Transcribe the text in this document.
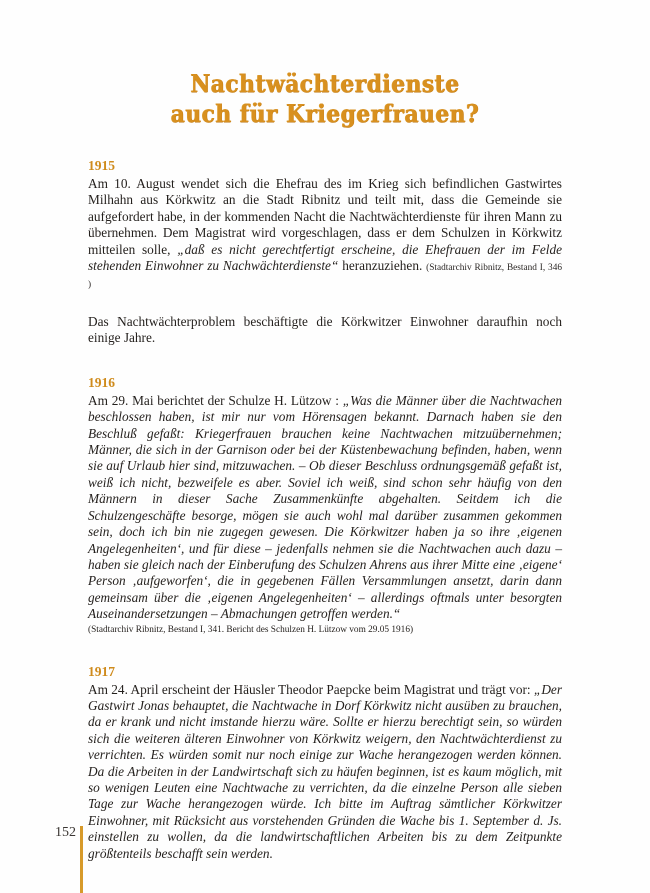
Nachtwächterdienste
auch für Kriegerfrauen?
1915

Am 10. August wendet sich die Ehefrau des im Krieg sich befindlichen Gastwirtes Milhahn aus Körkwitz an die Stadt Ribnitz und teilt mit, dass die Gemeinde sie aufgefordert habe, in der kommenden Nacht die Nachtwächterdienste für ihren Mann zu übernehmen. Dem Magistrat wird vorgeschlagen, dass er dem Schulzen in Körkwitz mitteilen solle, „daß es nicht gerechtfertigt erscheine, die Ehefrauen der im Felde stehenden Einwohner zu Nachwächterdienste“ heranzuziehen. (Stadtarchiv Ribnitz, Bestand I, 346 )

Das Nachtwächterproblem beschäftigte die Körkwitzer Einwohner daraufhin noch einige Jahre.

1916

Am 29. Mai berichtet der Schulze H. Lützow : „Was die Männer über die Nachtwachen beschlossen haben, ist mir nur vom Hörensagen bekannt. Darnach haben sie den Beschluß gefaßt: Kriegerfrauen brauchen keine Nachtwachen mitzuübernehmen; Männer, die sich in der Garnison oder bei der Küstenbewachung befinden, haben, wenn sie auf Urlaub hier sind, mitzuwachen. – Ob dieser Beschluss ordnungsgemäß gefaßt ist, weiß ich nicht, bezweifele es aber. Soviel ich weiß, sind schon sehr häufig von den Männern in dieser Sache Zusammenkünfte abgehalten. Seitdem ich die Schulzengeschäfte besorge, mögen sie auch wohl mal darüber zusammen gekommen sein, doch ich bin nie zugegen gewesen. Die Körkwitzer haben ja so ihre ‚eigenen Angelegenheiten‘, und für diese – jedenfalls nehmen sie die Nachtwachen auch dazu – haben sie gleich nach der Einberufung des Schulzen Ahrens aus ihrer Mitte eine ‚eigene‘ Person ‚aufgeworfen‘, die in gegebenen Fällen Versammlungen ansetzt, darin dann gemeinsam über die ‚eigenen Angelegenheiten‘ – allerdings oftmals unter besorgten Auseinandersetzungen – Abmachungen getroffen werden.“

(Stadtarchiv Ribnitz, Bestand I, 341. Bericht des Schulzen H. Lützow vom 29.05 1916)

1917

Am 24. April erscheint der Häusler Theodor Paepcke beim Magistrat und trägt vor: „Der Gastwirt Jonas behauptet, die Nachtwache in Dorf Körkwitz nicht ausüben zu brauchen, da er krank und nicht imstande hierzu wäre. Sollte er hierzu berechtigt sein, so würden sich die weiteren älteren Einwohner von Körkwitz weigern, den Nachtwächterdienst zu verrichten. Es würden somit nur noch einige zur Wache herangezogen werden können. Da die Arbeiten in der Landwirtschaft sich zu häufen beginnen, ist es kaum möglich, mit so wenigen Leuten eine Nachtwache zu verrichten, da die einzelne Person alle sieben Tage zur Wache herangezogen würde. Ich bitte im Auftrag sämtlicher Körkwitzer Einwohner, mit Rücksicht aus vorstehenden Gründen die Wache bis 1. September d. Js. einstellen zu wollen, da die landwirtschaftlichen Arbeiten bis zu dem Zeitpunkte größtenteils beschafft sein werden.

152
